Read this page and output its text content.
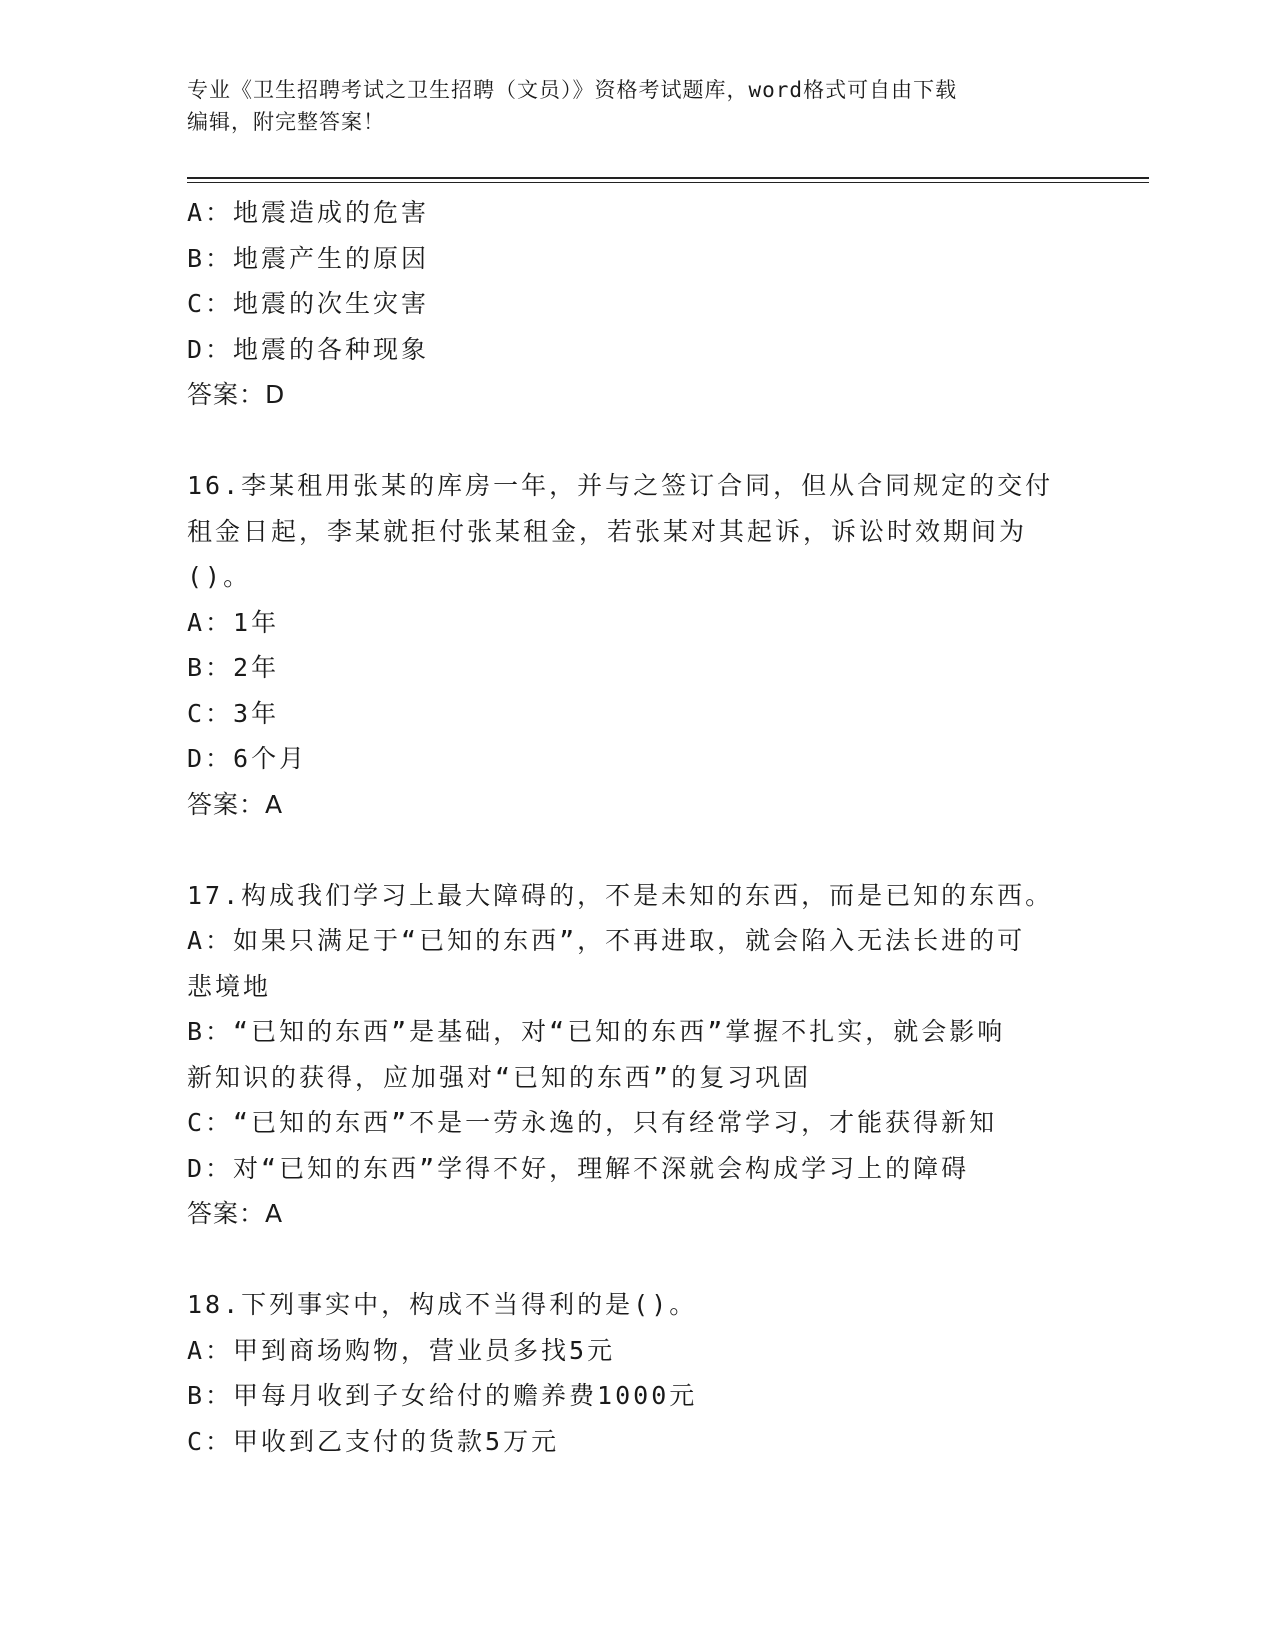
专业《卫生招聘考试之卫生招聘（文员）》资格考试题库，word格式可自由下载
编辑，附完整答案！
A：地震造成的危害
B：地震产生的原因
C：地震的次生灾害
D：地震的各种现象
答案：D
16.李某租用张某的库房一年，并与之签订合同，但从合同规定的交付
租金日起，李某就拒付张某租金，若张某对其起诉，诉讼时效期间为
()。
A：1年
B：2年
C：3年
D：6个月
答案：A
17.构成我们学习上最大障碍的，不是未知的东西，而是已知的东西。
A：如果只满足于“已知的东西”，不再进取，就会陷入无法长进的可
悲境地
B：“已知的东西”是基础，对“已知的东西”掌握不扎实，就会影响
新知识的获得，应加强对“已知的东西”的复习巩固
C：“已知的东西”不是一劳永逸的，只有经常学习，才能获得新知
D：对“已知的东西”学得不好，理解不深就会构成学习上的障碍
答案：A
18.下列事实中，构成不当得利的是()。
A：甲到商场购物，营业员多找5元
B：甲每月收到子女给付的赡养费1000元
C：甲收到乙支付的货款5万元
